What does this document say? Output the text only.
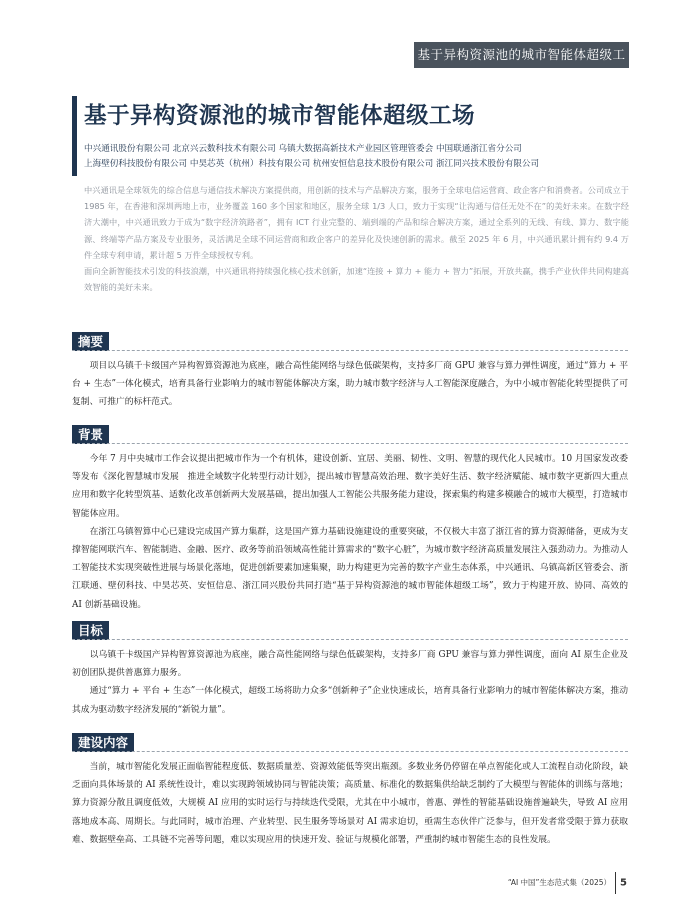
基于异构资源池的城市智能体超级工场
基于异构资源池的城市智能体超级工场
中兴通讯股份有限公司 北京兴云数科技术有限公司 乌镇大数据高新技术产业园区管理管委会 中国联通浙江省分公司
上海壁仞科技股份有限公司 中昊芯英（杭州）科技有限公司 杭州安恒信息技术股份有限公司 浙江同兴技术股份有限公司

中兴通讯是全球领先的综合信息与通信技术解决方案提供商，用创新的技术与产品解决方案，服务于全球电信运营商、政企客户和消费者。公司成立于 1985 年，在香港和深圳两地上市，业务覆盖 160 多个国家和地区，服务全球 1/3 人口，致力于实现“让沟通与信任无处不在”的美好未来。在数字经济大潮中，中兴通讯致力于成为“数字经济筑路者”，拥有 ICT 行业完整的、端到端的产品和综合解决方案，通过全系列的无线、有线、算力、数字能源、终端等产品方案及专业服务，灵活满足全球不同运营商和政企客户的差异化及快速创新的需求。截至 2025 年 6 月，中兴通讯累计拥有约 9.4 万件全球专利申请，累计超 5 万件全球授权专利。

面向全新智能技术引发的科技浪潮，中兴通讯将持续强化核心技术创新，加速“连接 + 算力 + 能力 + 智力”拓展，开放共赢，携手产业伙伴共同构建高效智能的美好未来。

摘要

项目以乌镇千卡级国产异构智算资源池为底座，融合高性能网络与绿色低碳架构，支持多厂商 GPU 兼容与算力弹性调度，通过“算力 + 平台 + 生态”一体化模式，培育具备行业影响力的城市智能体解决方案，助力城市数字经济与人工智能深度融合，为中小城市智能化转型提供了可复制、可推广的标杆范式。

背景

今年 7 月中央城市工作会议提出把城市作为一个有机体，建设创新、宜居、美丽、韧性、文明、智慧的现代化人民城市。10 月国家发改委等发布《深化智慧城市发展　推进全域数字化转型行动计划》，提出城市智慧高效治理、数字美好生活、数字经济赋能、城市数字更新四大重点应用和数字化转型筑基、适数化改革创新两大发展基础，提出加强人工智能公共服务能力建设，探索集约构建多模融合的城市大模型，打造城市智能体应用。

在浙江乌镇智算中心已建设完成国产算力集群，这是国产算力基础设施建设的重要突破，不仅极大丰富了浙江省的算力资源储备，更成为支撑智能网联汽车、智能制造、金融、医疗、政务等前沿领域高性能计算需求的“数字心脏”，为城市数字经济高质量发展注入强劲动力。为推动人工智能技术实现突破性进展与场景化落地，促进创新要素加速集聚，助力构建更为完善的数字产业生态体系，中兴通讯、乌镇高新区管委会、浙江联通、壁仞科技、中昊芯英、安恒信息、浙江同兴股份共同打造“基于异构资源池的城市智能体超级工场”，致力于构建开放、协同、高效的 AI 创新基础设施。

目标

以乌镇千卡级国产异构智算资源池为底座，融合高性能网络与绿色低碳架构，支持多厂商 GPU 兼容与算力弹性调度，面向 AI 原生企业及初创团队提供普惠算力服务。

通过“算力 + 平台 + 生态”一体化模式，超级工场将助力众多“创新种子”企业快速成长，培育具备行业影响力的城市智能体解决方案，推动其成为驱动数字经济发展的“新锐力量”。

建设内容

当前，城市智能化发展正面临智能程度低、数据质量差、资源效能低等突出瓶颈。多数业务仍停留在单点智能化或人工流程自动化阶段，缺乏面向具体场景的 AI 系统性设计，难以实现跨领域协同与智能决策；高质量、标准化的数据集供给缺乏制约了大模型与智能体的训练与落地；算力资源分散且调度低效，大规模 AI 应用的实时运行与持续迭代受限，尤其在中小城市，普惠、弹性的智能基础设施普遍缺失，导致 AI 应用落地成本高、周期长。与此同时，城市治理、产业转型、民生服务等场景对 AI 需求迫切，亟需生态伙伴广泛参与，但开发者常受限于算力获取难、数据壁垒高、工具链不完善等问题，难以实现应用的快速开发、验证与规模化部署，严重制约城市智能生态的良性发展。

“AI 中国”生态范式集（2025） 5
